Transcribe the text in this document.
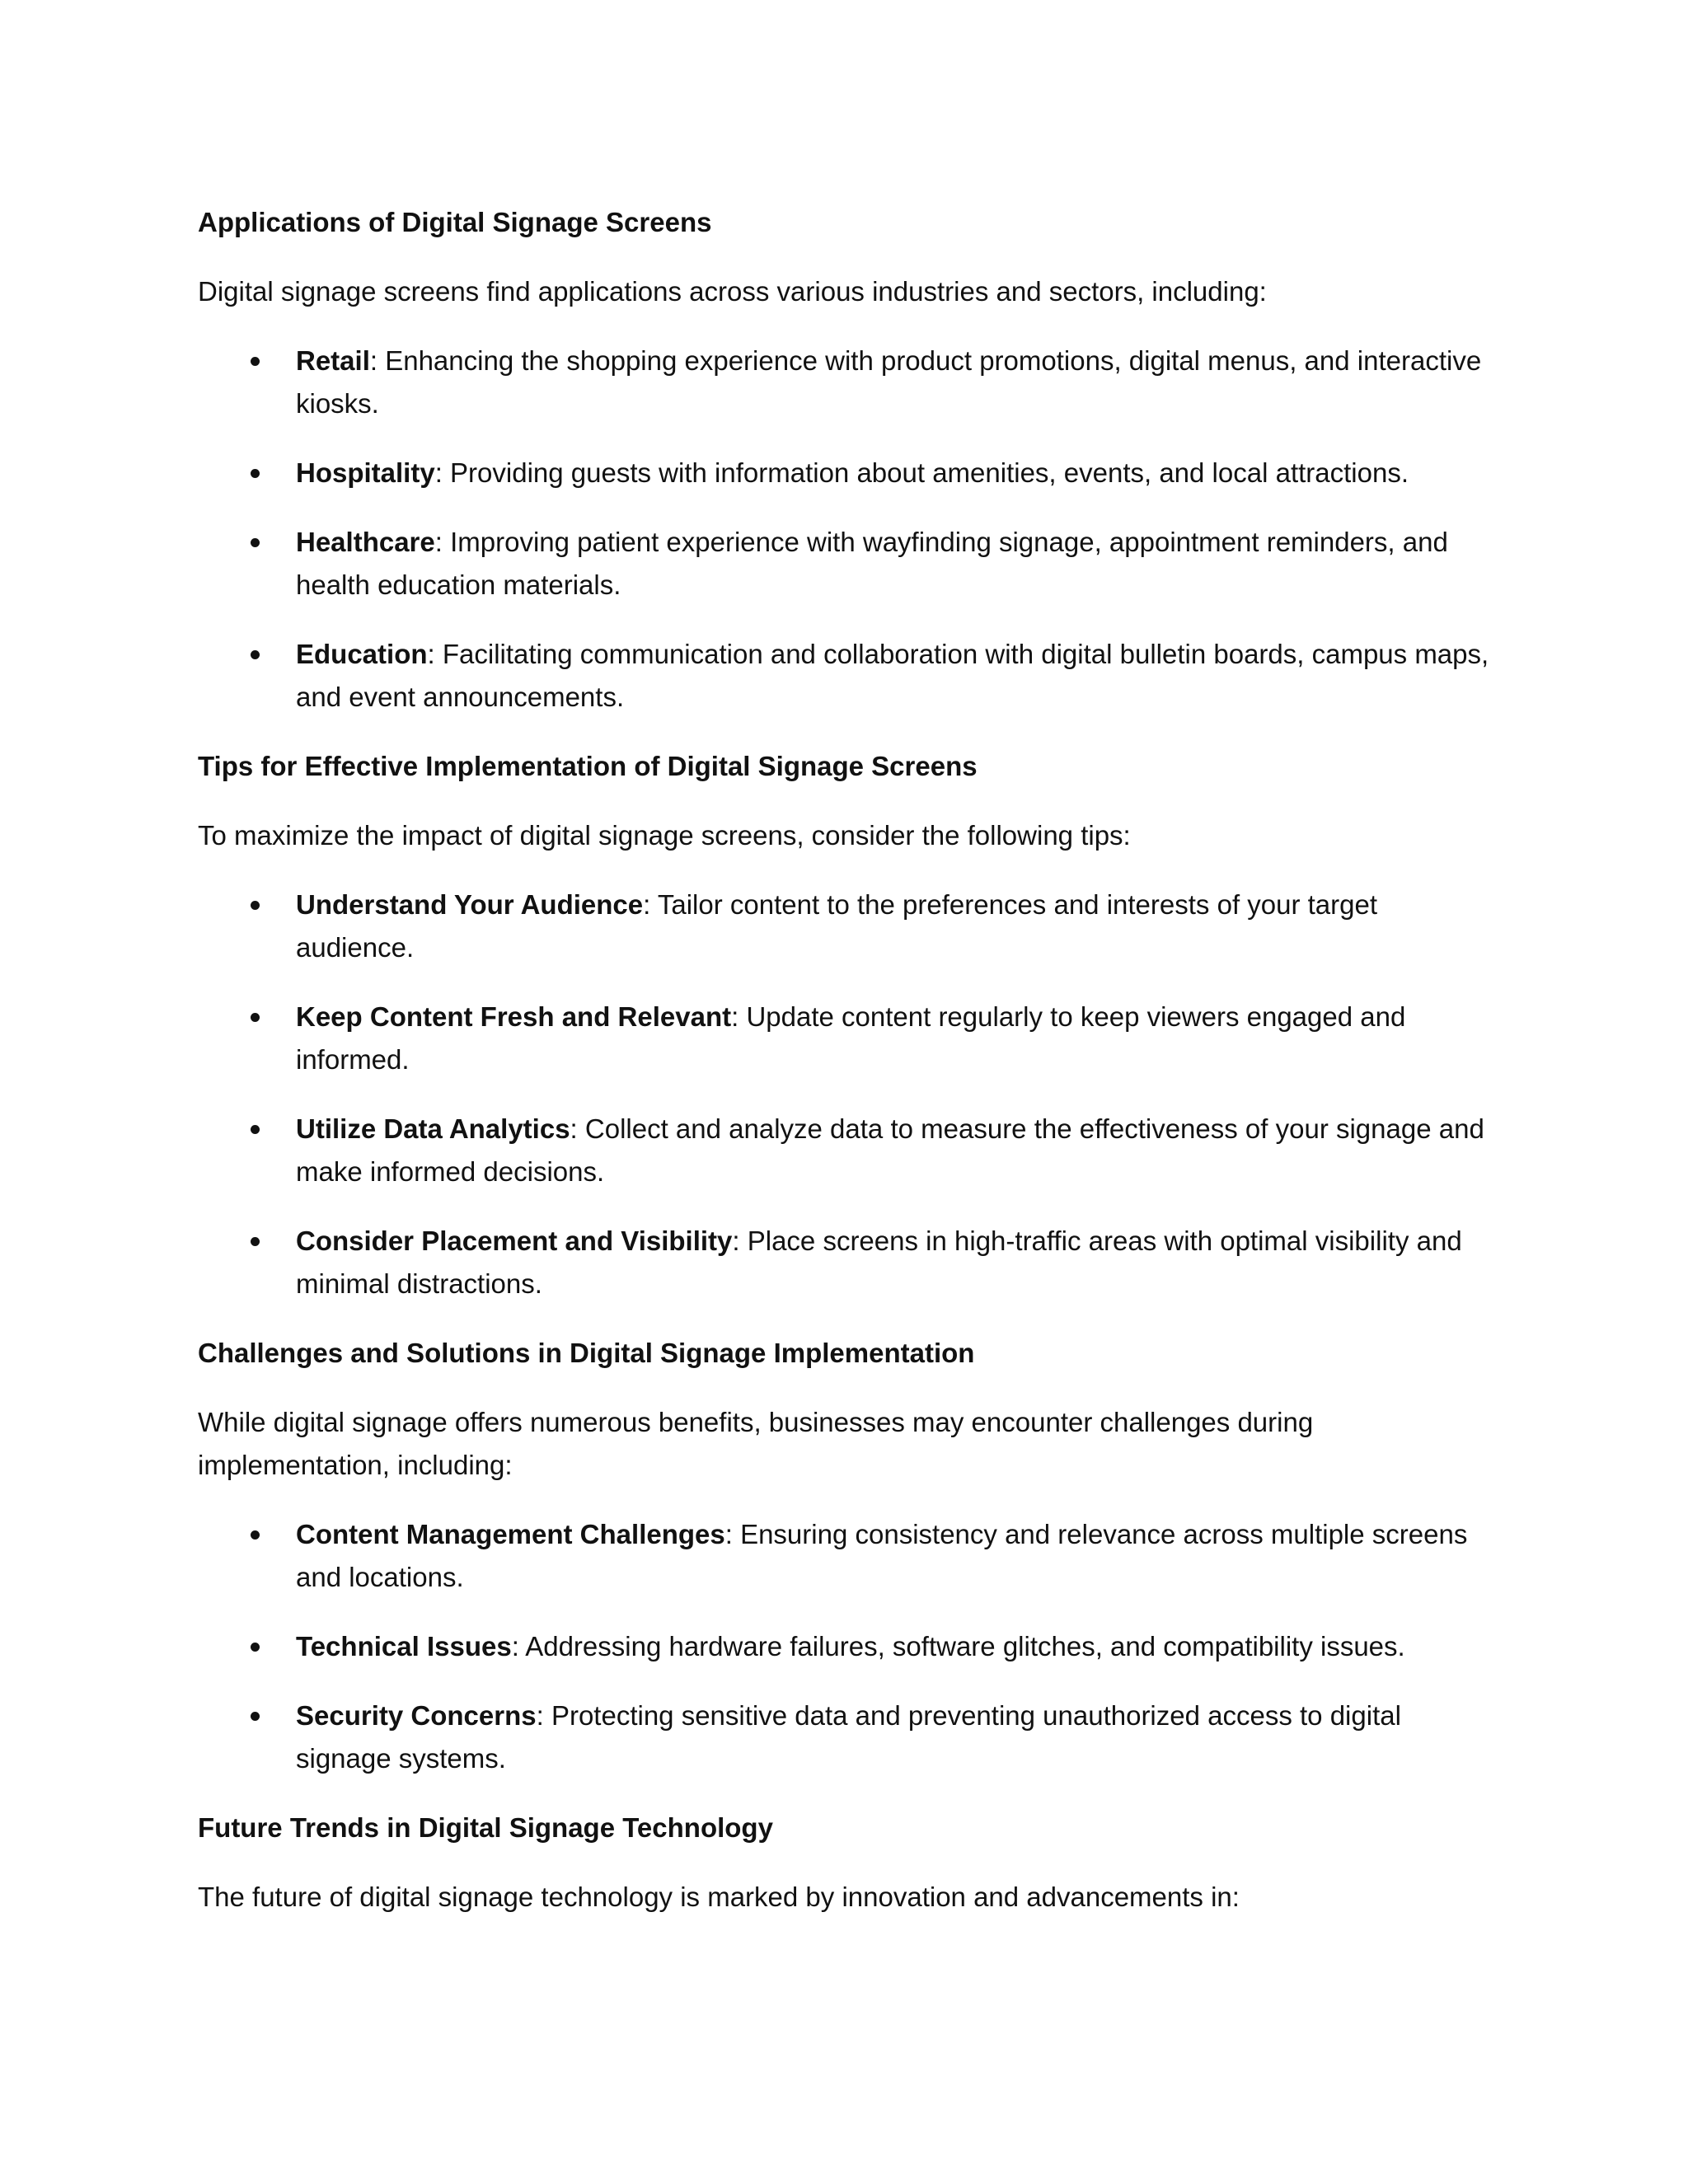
Applications of Digital Signage Screens
Digital signage screens find applications across various industries and sectors, including:
Retail: Enhancing the shopping experience with product promotions, digital menus, and interactive kiosks.
Hospitality: Providing guests with information about amenities, events, and local attractions.
Healthcare: Improving patient experience with wayfinding signage, appointment reminders, and health education materials.
Education: Facilitating communication and collaboration with digital bulletin boards, campus maps, and event announcements.
Tips for Effective Implementation of Digital Signage Screens
To maximize the impact of digital signage screens, consider the following tips:
Understand Your Audience: Tailor content to the preferences and interests of your target audience.
Keep Content Fresh and Relevant: Update content regularly to keep viewers engaged and informed.
Utilize Data Analytics: Collect and analyze data to measure the effectiveness of your signage and make informed decisions.
Consider Placement and Visibility: Place screens in high-traffic areas with optimal visibility and minimal distractions.
Challenges and Solutions in Digital Signage Implementation
While digital signage offers numerous benefits, businesses may encounter challenges during implementation, including:
Content Management Challenges: Ensuring consistency and relevance across multiple screens and locations.
Technical Issues: Addressing hardware failures, software glitches, and compatibility issues.
Security Concerns: Protecting sensitive data and preventing unauthorized access to digital signage systems.
Future Trends in Digital Signage Technology
The future of digital signage technology is marked by innovation and advancements in:
